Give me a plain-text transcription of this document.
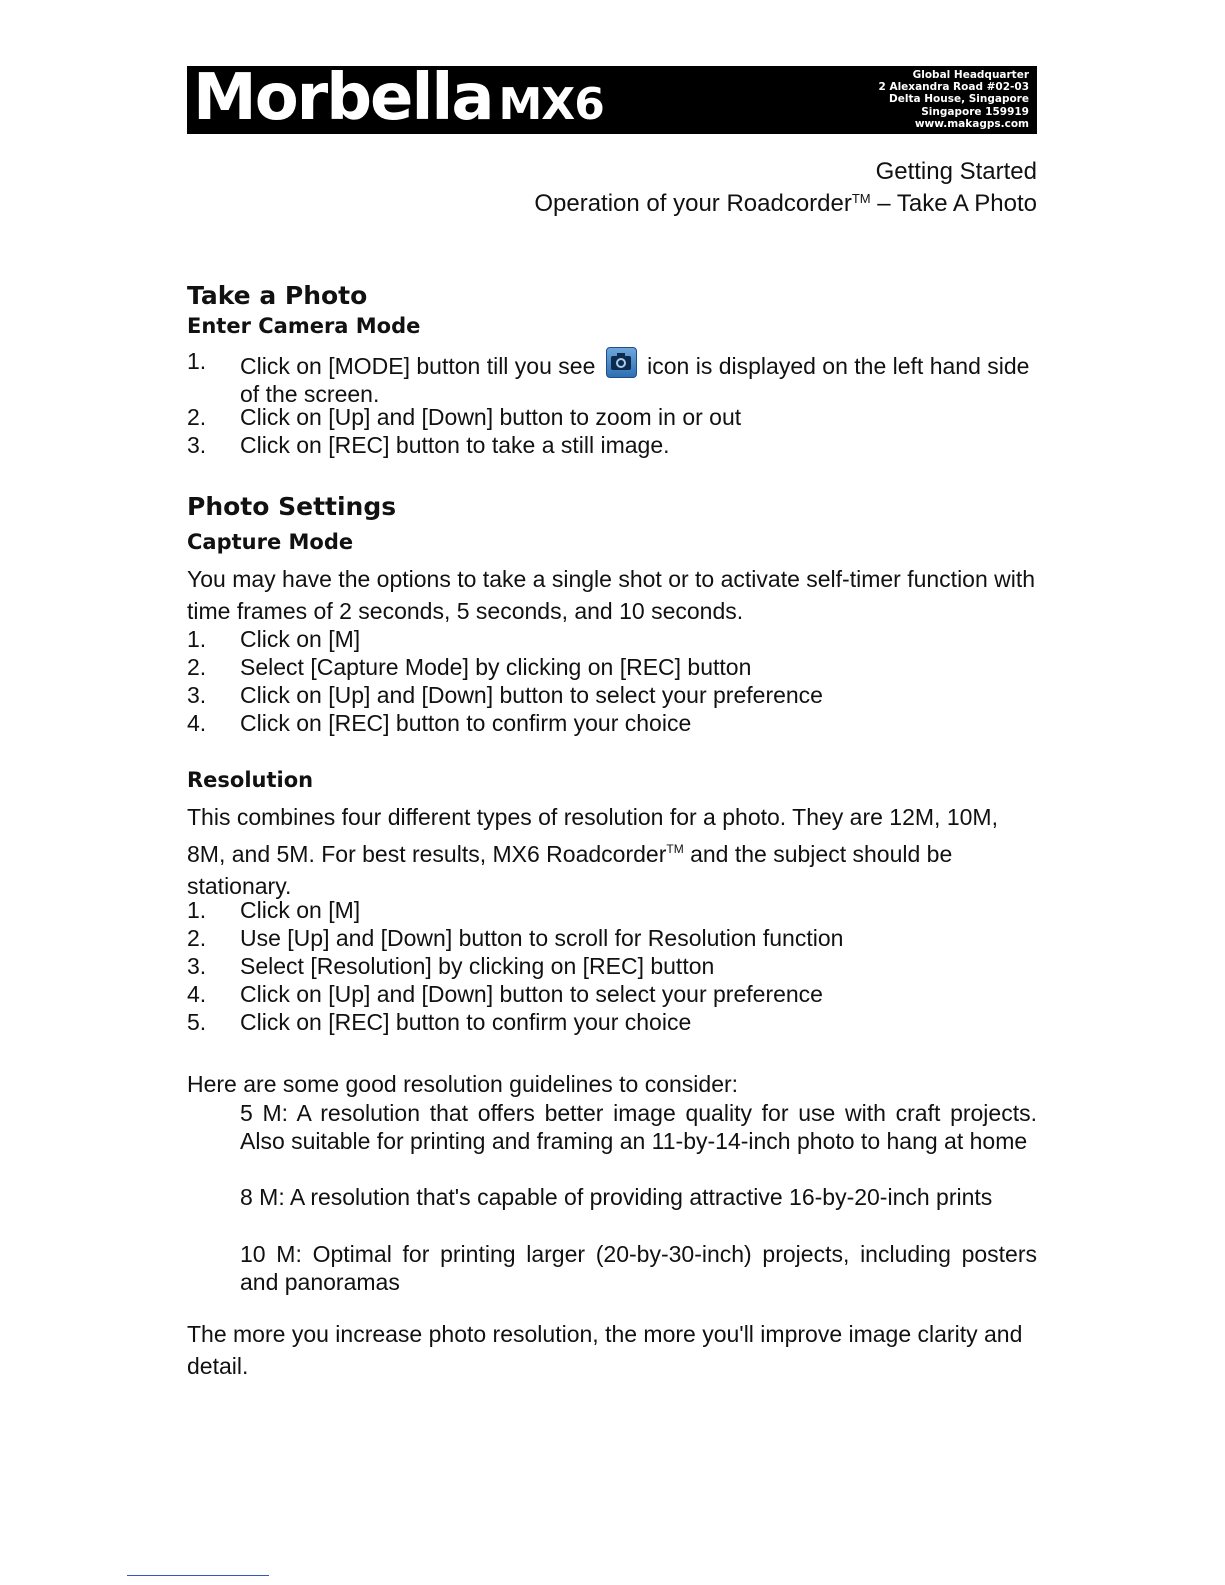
Morbella MX6
Global Headquarter
2 Alexandra Road #02-03
Delta House, Singapore
Singapore 159919
www.makagps.com
Getting Started
Operation of your Roadcorder™ – Take A Photo
Take a Photo
Enter Camera Mode
1. Click on [MODE] button till you see
icon is displayed on the left hand side of the screen.
2. Click on [Up] and [Down] button to zoom in or out
3. Click on [REC] button to take a still image.
Photo Settings
Capture Mode
You may have the options to take a single shot or to activate self-timer function with time frames of 2 seconds, 5 seconds, and 10 seconds.
1. Click on [M]
2. Select [Capture Mode] by clicking on [REC] button
3. Click on [Up] and [Down] button to select your preference
4. Click on [REC] button to confirm your choice
Resolution
This combines four different types of resolution for a photo. They are 12M, 10M, 8M, and 5M. For best results, MX6 Roadcorder™ and the subject should be stationary.
1. Click on [M]
2. Use [Up] and [Down] button to scroll for Resolution function
3. Select [Resolution] by clicking on [REC] button
4. Click on [Up] and [Down] button to select your preference
5. Click on [REC] button to confirm your choice
Here are some good resolution guidelines to consider:
5 M: A resolution that offers better image quality for use with craft projects. Also suitable for printing and framing an 11-by-14-inch photo to hang at home
8 M: A resolution that's capable of providing attractive 16-by-20-inch prints
10 M: Optimal for printing larger (20-by-30-inch) projects, including posters and panoramas
The more you increase photo resolution, the more you'll improve image clarity and detail.
